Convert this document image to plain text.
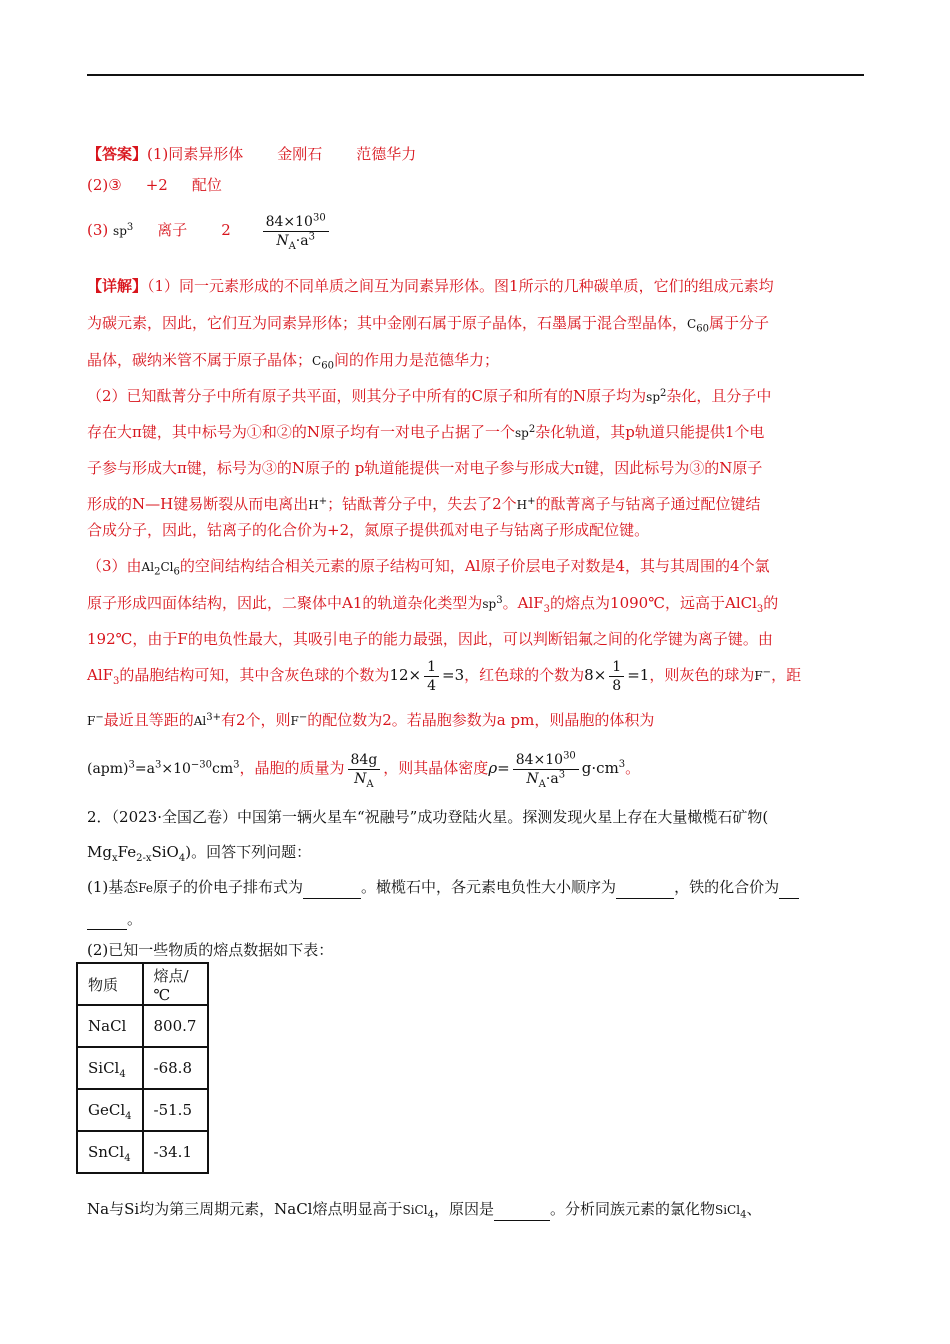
【答案】(1)同素异形体 金刚石 范德华力
(2)③ +2 配位
(3) $sp^3$ 离子 $2 \frac{84\times 10^{30}}{N_A\cdot a^3}$
【详解】（1）同一元素形成的不同单质之间互为同素异形体。图1所示的几种碳单质，它们的组成元素均
为碳元素，因此，它们互为同素异形体；其中金刚石属于原子晶体，石墨属于混合型晶体，$C_{60}$属于分子
晶体，碳纳米管不属于原子晶体；$C_{60}$间的作用力是范德华力；
（2）已知酞菁分子中所有原子共平面，则其分子中所有的C原子和所有的N原子均为$sp^2$杂化，且分子中
存在大π键，其中标号为①和②的N原子均有一对电子占据了一个$sp^2$杂化轨道，其p轨道只能提供1个电
子参与形成大π键，标号为③的N原子的 p轨道能提供一对电子参与形成大π键，因此标号为③的N原子
形成的N—H键易断裂从而电离出H+；钴酞菁分子中，失去了2个H+的酞菁离子与钴离子通过配位键结
合成分子，因此，钴离子的化合价为+2，氮原子提供孤对电子与钴离子形成配位键。
（3）由$Al_2Cl_6$的空间结构结合相关元素的原子结构可知，Al原子价层电子对数是4，其与其周围的4个氯
原子形成四面体结构，因此，二聚体中A1的轨道杂化类型为$sp^3$。AlF$_3$的熔点为1090℃，远高于AlCl$_3$的
192℃，由于F的电负性最大，其吸引电子的能力最强，因此，可以判断铝氟之间的化学键为离子键。由
AlF$_3$的晶胞结构可知，其中含灰色球的个数为$12\times \frac{1}{4} =3$，红色球的个数为$8\times \frac{1}{8} =1$，则灰色的球为F−，距
F−最近且等距的$Al^{3+}$有2个，则F−的配位数为2。若晶胞参数为a pm，则晶胞的体积为
$(apm)^3=a^3\times 10^{-30}cm^3$，晶胞的质量为 $\frac{84g}{N_A}$ ，则其晶体密度$\rho= \frac{84\times 10^{30}}{N_A\cdot a^3} g\cdot cm^3$。
2．（2023·全国乙卷）中国第一辆火星车“祝融号”成功登陆火星。探测发现火星上存在大量橄榄石矿物(
$Mg_xFe_{2-x}SiO_4$)。回答下列问题：
(1)基态Fe原子的价电子排布式为	。橄榄石中，各元素电负性大小顺序为	，铁的化合价为
。
(2)已知一些物质的熔点数据如下表：
物质	熔点/℃
NaCl	800.7
SiCl$_4$	-68.8
GeCl$_4$	-51.5
SnCl$_4$	-34.1
Na与Si均为第三周期元素，NaCl熔点明显高于SiCl$_4$，原因是	。分析同族元素的氯化物SiCl$_4$、
